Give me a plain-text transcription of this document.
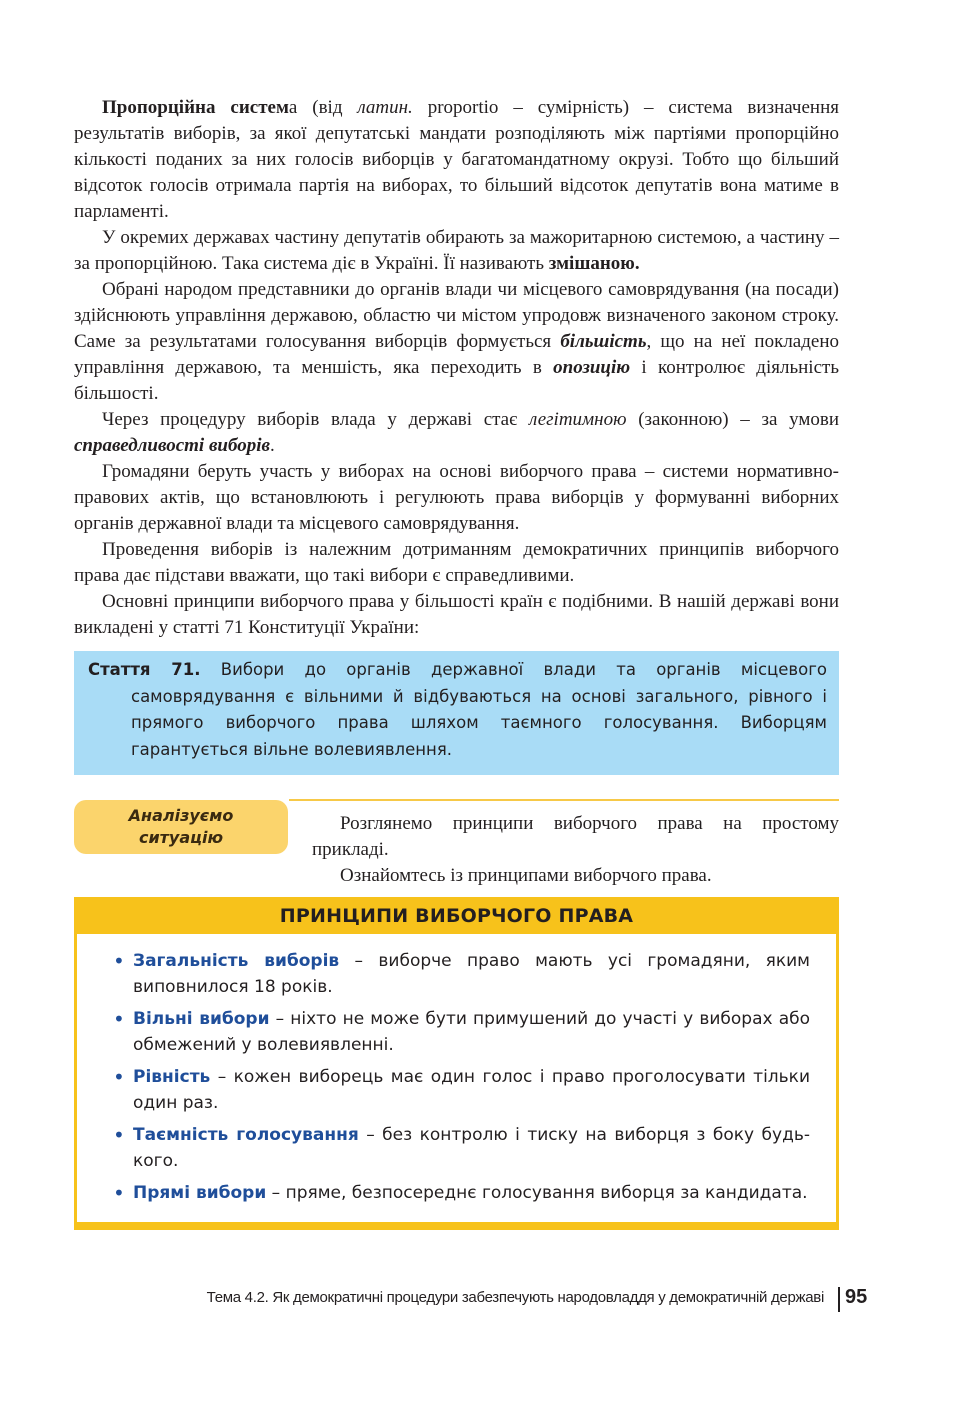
Пропорційна система (від латин. proportio – сумірність) – система визначення результатів виборів, за якої депутатські мандати розподіляють між партіями пропорційно кількості поданих за них голосів виборців у багатомандатному окрузі. Тобто що більший відсоток голосів отримала партія на виборах, то більший відсоток депутатів вона матиме в парламенті.

У окремих державах частину депутатів обирають за мажоритарною системою, а частину – за пропорційною. Така система діє в Україні. Її називають змішаною.

Обрані народом представники до органів влади чи місцевого самоврядування (на посади) здійснюють управління державою, областю чи містом упродовж визначеного законом строку. Саме за результатами голосування виборців формується більшість, що на неї покладено управління державою, та меншість, яка переходить в опозицію і контролює діяльність більшості.

Через процедуру виборів влада у державі стає легітимною (законною) – за умови справедливості виборів.

Громадяни беруть участь у виборах на основі виборчого права – системи нормативно-правових актів, що встановлюють і регулюють права виборців у формуванні виборних органів державної влади та місцевого самоврядування.

Проведення виборів із належним дотриманням демократичних принципів виборчого права дає підстави вважати, що такі вибори є справедливими.

Основні принципи виборчого права у більшості країн є подібними. В нашій державі вони викладені у статті 71 Конституції України:

Стаття 71. Вибори до органів державної влади та органів місцевого самоврядування є вільними й відбуваються на основі загального, рівного і прямого виборчого права шляхом таємного голосування. Виборцям гарантується вільне волевиявлення.
Аналізуємо
ситуацію
Розглянемо принципи виборчого права на простому прикладі.
Ознайомтесь із принципами виборчого права.
ПРИНЦИПИ ВИБОРЧОГО ПРАВА
• Загальність виборів – виборче право мають усі громадяни, яким виповнилося 18 років.
• Вільні вибори – ніхто не може бути примушений до участі у виборах або обмежений у волевиявленні.
• Рівність – кожен виборець має один голос і право проголосувати тільки один раз.
• Таємність голосування – без контролю і тиску на виборця з боку будь-кого.
• Прямі вибори – пряме, безпосереднє голосування виборця за кандидата.
Тема 4.2. Як демократичні процедури забезпечують народовладдя у демократичній державі 95
